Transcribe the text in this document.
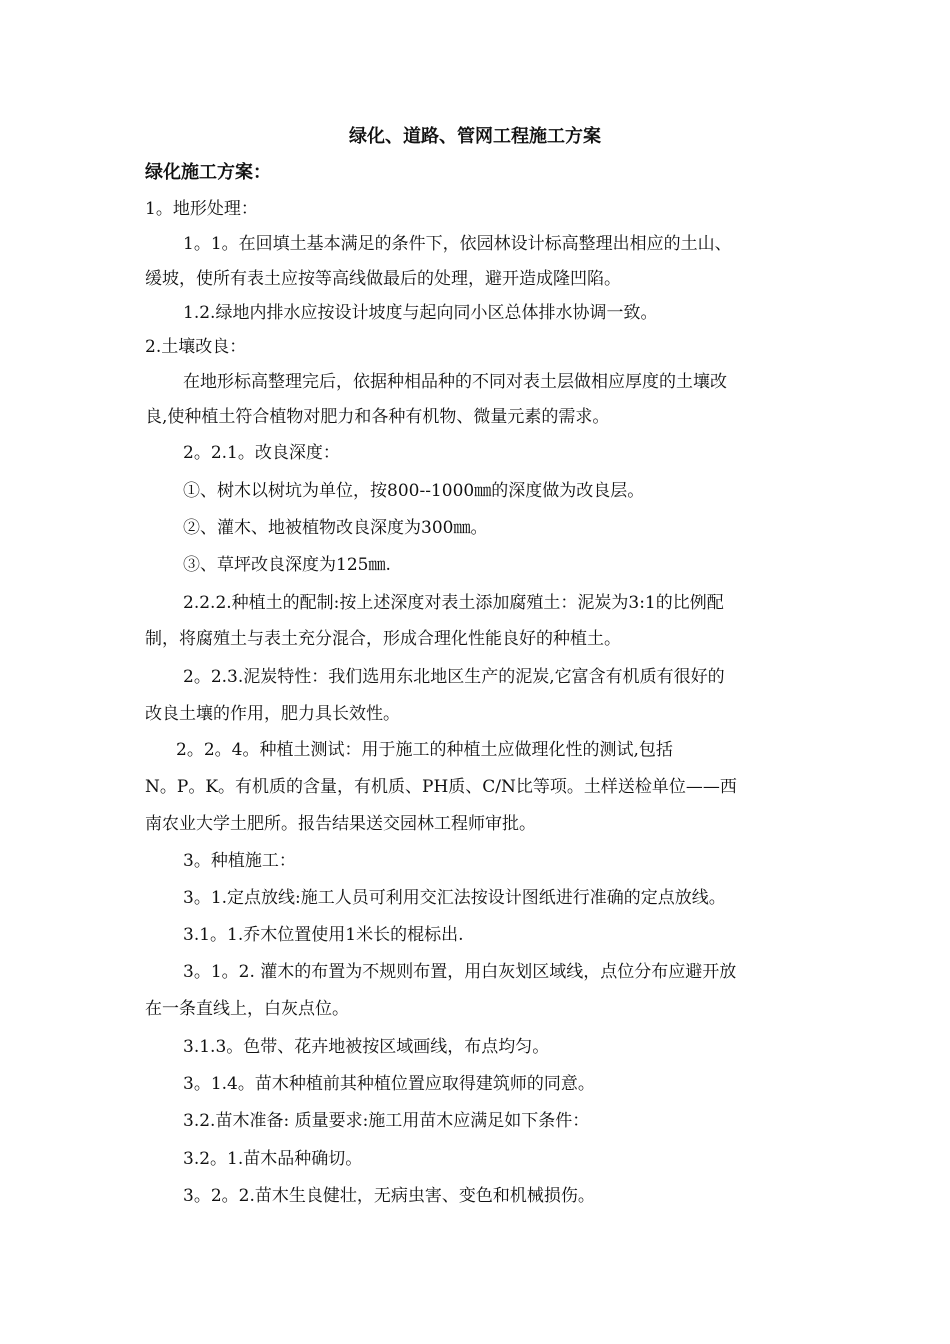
绿化、道路、管网工程施工方案
绿化施工方案：
1。地形处理：
1。1。在回填土基本满足的条件下，依园林设计标高整理出相应的土山、
缓坡，使所有表土应按等高线做最后的处理，避开造成隆凹陷。
1.2.绿地内排水应按设计坡度与起向同小区总体排水协调一致。
2.土壤改良：
在地形标高整理完后，依据种相品种的不同对表土层做相应厚度的土壤改
良,使种植土符合植物对肥力和各种有机物、微量元素的需求。
2。2.1。改良深度：
①、树木以树坑为单位，按800--1000㎜的深度做为改良层。
②、灌木、地被植物改良深度为300㎜。
③、草坪改良深度为125㎜.
2.2.2.种植土的配制:按上述深度对表土添加腐殖土：泥炭为3:1的比例配
制，将腐殖土与表土充分混合，形成合理化性能良好的种植土。
2。2.3.泥炭特性：我们选用东北地区生产的泥炭,它富含有机质有很好的
改良土壤的作用，肥力具长效性。
2。2。4。种植土测试：用于施工的种植土应做理化性的测试,包括
N。P。K。有机质的含量，有机质、PH质、C/N比等项。土样送检单位——西
南农业大学土肥所。报告结果送交园林工程师审批。
3。种植施工：
3。1.定点放线:施工人员可利用交汇法按设计图纸进行准确的定点放线。
3.1。1.乔木位置使用1米长的棍标出.
3。1。2. 灌木的布置为不规则布置，用白灰划区域线，点位分布应避开放
在一条直线上，白灰点位。
3.1.3。色带、花卉地被按区域画线，布点均匀。
3。1.4。苗木种植前其种植位置应取得建筑师的同意。
3.2.苗木准备: 质量要求:施工用苗木应满足如下条件：
3.2。1.苗木品种确切。
3。2。2.苗木生良健壮，无病虫害、变色和机械损伤。
